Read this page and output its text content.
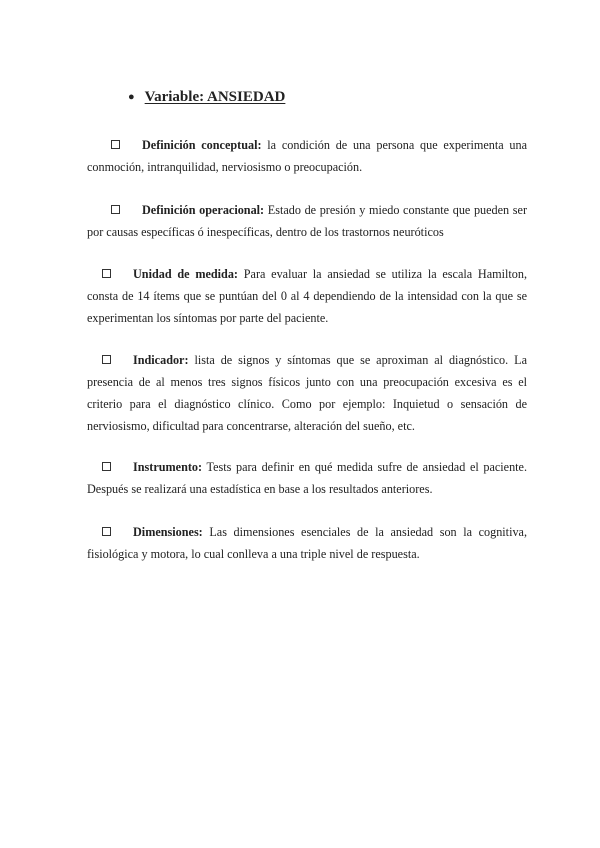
● Variable: ANSIEDAD
Definición conceptual: la condición de una persona que experimenta una conmoción, intranquilidad, nerviosismo o preocupación.
Definición operacional: Estado de presión y miedo constante que pueden ser por causas específicas ó inespecíficas, dentro de los trastornos neuróticos
Unidad de medida: Para evaluar la ansiedad se utiliza la escala Hamilton, consta de 14 ítems que se puntúan del 0 al 4 dependiendo de la intensidad con la que se experimentan los síntomas por parte del paciente.
Indicador: lista de signos y síntomas que se aproximan al diagnóstico. La presencia de al menos tres signos físicos junto con una preocupación excesiva es el criterio para el diagnóstico clínico. Como por ejemplo: Inquietud o sensación de nerviosismo, dificultad para concentrarse, alteración del sueño, etc.
Instrumento: Tests para definir en qué medida sufre de ansiedad el paciente. Después se realizará una estadística en base a los resultados anteriores.
Dimensiones: Las dimensiones esenciales de la ansiedad son la cognitiva, fisiológica y motora, lo cual conlleva a una triple nivel de respuesta.
